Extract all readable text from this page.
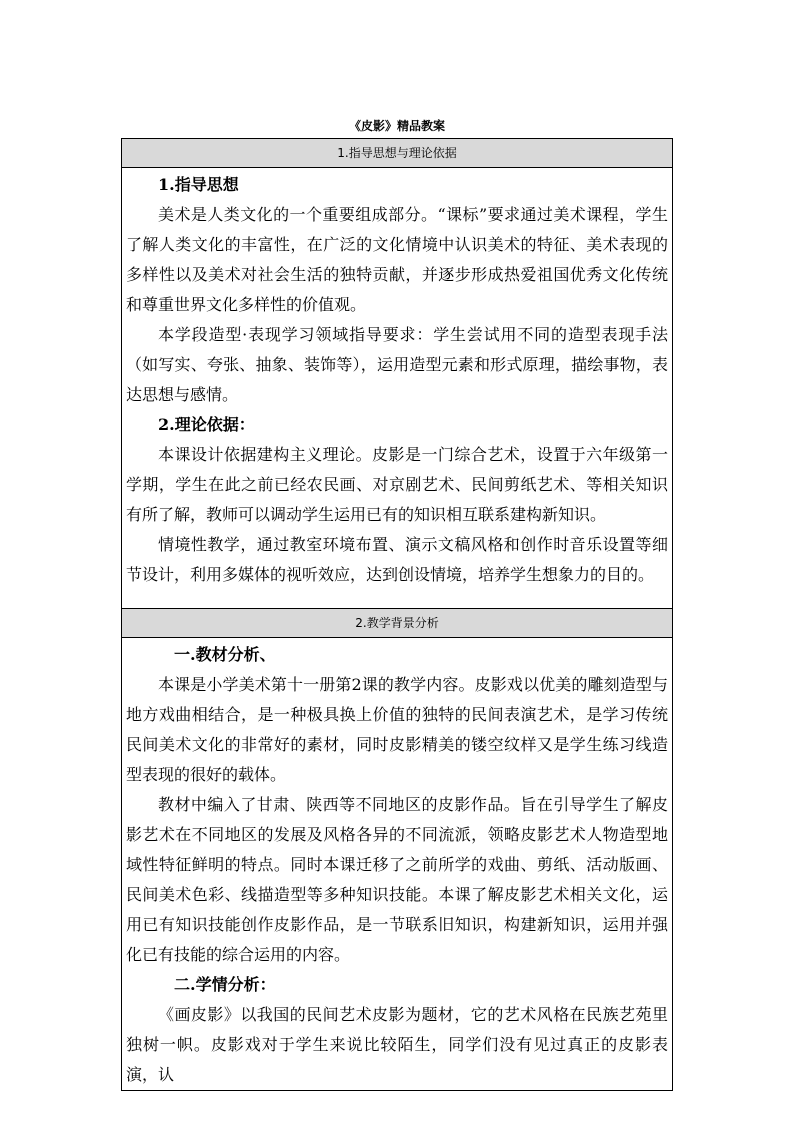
《皮影》精品教案
1.指导思想与理论依据

1.指导思想

美术是人类文化的一个重要组成部分。“课标”要求通过美术课程，学生了解人类文化的丰富性，在广泛的文化情境中认识美术的特征、美术表现的多样性以及美术对社会生活的独特贡献，并逐步形成热爱祖国优秀文化传统和尊重世界文化多样性的价值观。

本学段造型·表现学习领域指导要求：学生尝试用不同的造型表现手法（如写实、夸张、抽象、装饰等），运用造型元素和形式原理，描绘事物，表达思想与感情。

2.理论依据：

本课设计依据建构主义理论。皮影是一门综合艺术，设置于六年级第一学期，学生在此之前已经农民画、对京剧艺术、民间剪纸艺术、等相关知识有所了解，教师可以调动学生运用已有的知识相互联系建构新知识。

情境性教学，通过教室环境布置、演示文稿风格和创作时音乐设置等细节设计，利用多媒体的视听效应，达到创设情境，培养学生想象力的目的。

2.教学背景分析

一.教材分析、

本课是小学美术第十一册第2课的教学内容。皮影戏以优美的雕刻造型与地方戏曲相结合，是一种极具换上价值的独特的民间表演艺术，是学习传统民间美术文化的非常好的素材，同时皮影精美的镂空纹样又是学生练习线造型表现的很好的载体。

教材中编入了甘肃、陕西等不同地区的皮影作品。旨在引导学生了解皮影艺术在不同地区的发展及风格各异的不同流派，领略皮影艺术人物造型地域性特征鲜明的特点。同时本课迁移了之前所学的戏曲、剪纸、活动版画、民间美术色彩、线描造型等多种知识技能。本课了解皮影艺术相关文化，运用已有知识技能创作皮影作品，是一节联系旧知识，构建新知识，运用并强化已有技能的综合运用的内容。

二.学情分析：

《画皮影》以我国的民间艺术皮影为题材，它的艺术风格在民族艺苑里独树一帜。皮影戏对于学生来说比较陌生，同学们没有见过真正的皮影表演，认
